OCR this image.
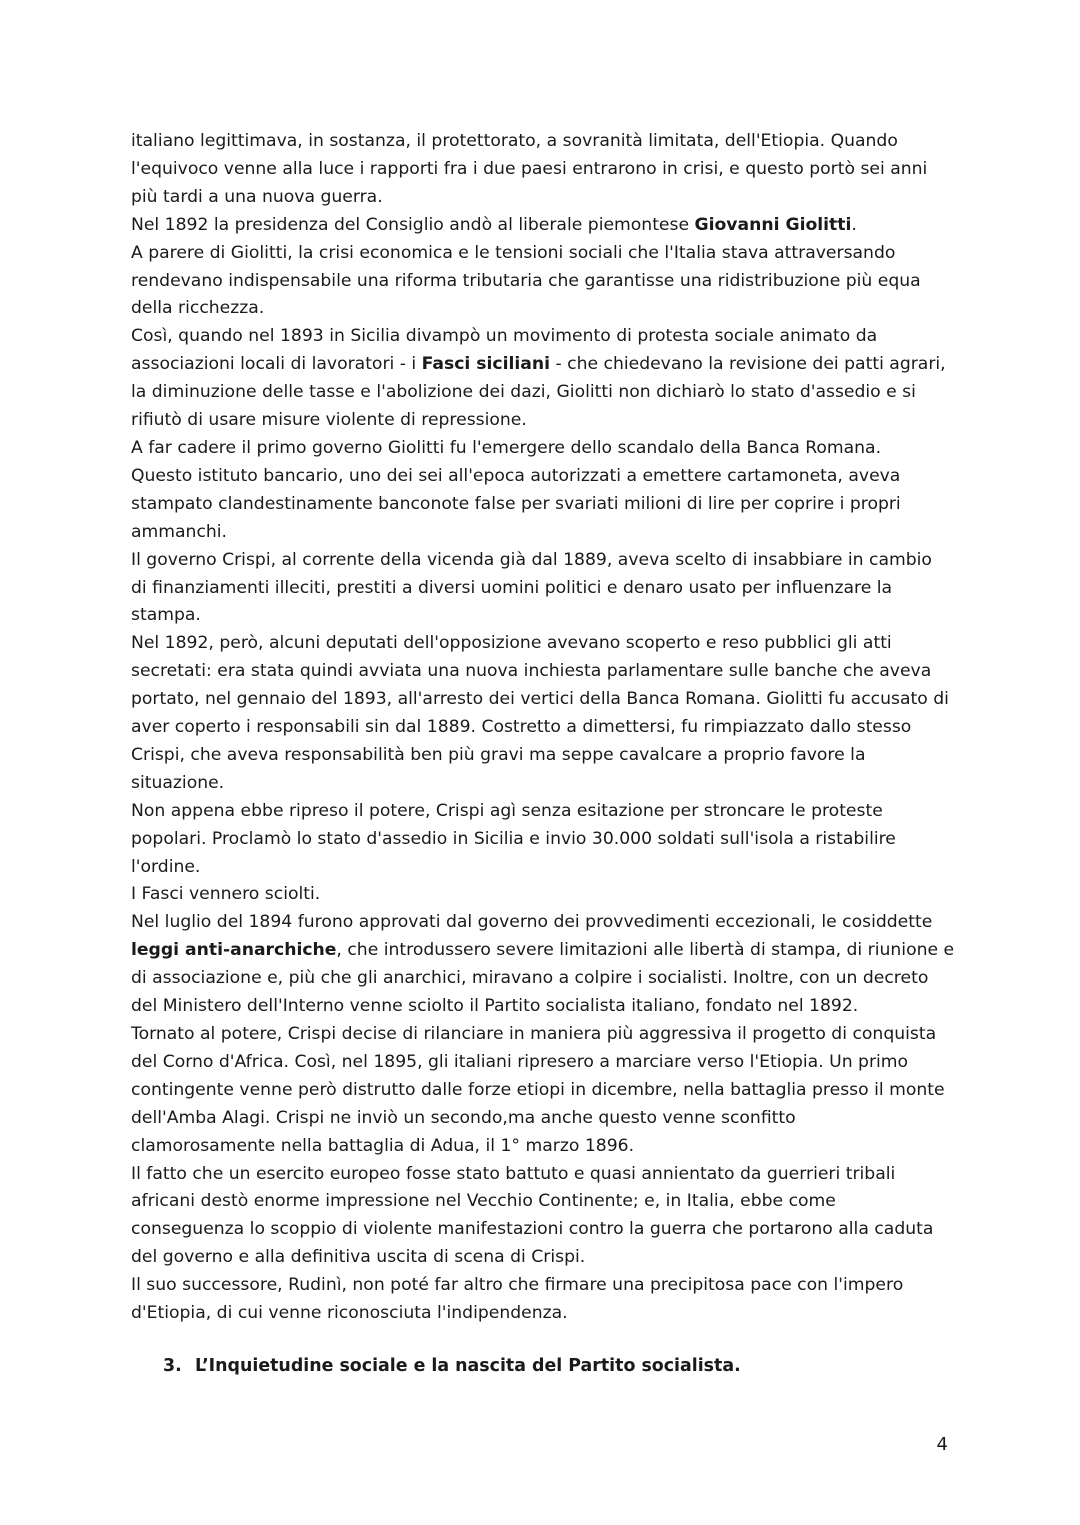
italiano legittimava, in sostanza, il protettorato, a sovranità limitata, dell'Etiopia. Quando
l'equivoco venne alla luce i rapporti fra i due paesi entrarono in crisi, e questo portò sei anni
più tardi a una nuova guerra.
Nel 1892 la presidenza del Consiglio andò al liberale piemontese Giovanni Giolitti.
A parere di Giolitti, la crisi economica e le tensioni sociali che l'Italia stava attraversando
rendevano indispensabile una riforma tributaria che garantisse una ridistribuzione più equa
della ricchezza.
Così, quando nel 1893 in Sicilia divampò un movimento di protesta sociale animato da
associazioni locali di lavoratori - i Fasci siciliani - che chiedevano la revisione dei patti agrari,
la diminuzione delle tasse e l'abolizione dei dazi, Giolitti non dichiarò lo stato d'assedio e si
rifiutò di usare misure violente di repressione.
A far cadere il primo governo Giolitti fu l'emergere dello scandalo della Banca Romana.
Questo istituto bancario, uno dei sei all'epoca autorizzati a emettere cartamoneta, aveva
stampato clandestinamente banconote false per svariati milioni di lire per coprire i propri
ammanchi.
Il governo Crispi, al corrente della vicenda già dal 1889, aveva scelto di insabbiare in cambio
di finanziamenti illeciti, prestiti a diversi uomini politici e denaro usato per influenzare la
stampa.
Nel 1892, però, alcuni deputati dell'opposizione avevano scoperto e reso pubblici gli atti
secretati: era stata quindi avviata una nuova inchiesta parlamentare sulle banche che aveva
portato, nel gennaio del 1893, all'arresto dei vertici della Banca Romana. Giolitti fu accusato di
aver coperto i responsabili sin dal 1889. Costretto a dimettersi, fu rimpiazzato dallo stesso
Crispi, che aveva responsabilità ben più gravi ma seppe cavalcare a proprio favore la
situazione.
Non appena ebbe ripreso il potere, Crispi agì senza esitazione per stroncare le proteste
popolari. Proclamò lo stato d'assedio in Sicilia e invio 30.000 soldati sull'isola a ristabilire
l'ordine.
I Fasci vennero sciolti.
Nel luglio del 1894 furono approvati dal governo dei provvedimenti eccezionali, le cosiddette
leggi anti-anarchiche, che introdussero severe limitazioni alle libertà di stampa, di riunione e
di associazione e, più che gli anarchici, miravano a colpire i socialisti. Inoltre, con un decreto
del Ministero dell'Interno venne sciolto il Partito socialista italiano, fondato nel 1892.
Tornato al potere, Crispi decise di rilanciare in maniera più aggressiva il progetto di conquista
del Corno d'Africa. Così, nel 1895, gli italiani ripresero a marciare verso l'Etiopia. Un primo
contingente venne però distrutto dalle forze etiopi in dicembre, nella battaglia presso il monte
dell'Amba Alagi. Crispi ne inviò un secondo,ma anche questo venne sconfitto
clamorosamente nella battaglia di Adua, il 1° marzo 1896.
Il fatto che un esercito europeo fosse stato battuto e quasi annientato da guerrieri tribali
africani destò enorme impressione nel Vecchio Continente; e, in Italia, ebbe come
conseguenza lo scoppio di violente manifestazioni contro la guerra che portarono alla caduta
del governo e alla definitiva uscita di scena di Crispi.
Il suo successore, Rudinì, non poté far altro che firmare una precipitosa pace con l'impero
d'Etiopia, di cui venne riconosciuta l'indipendenza.
3. L’Inquietudine sociale e la nascita del Partito socialista.
4
